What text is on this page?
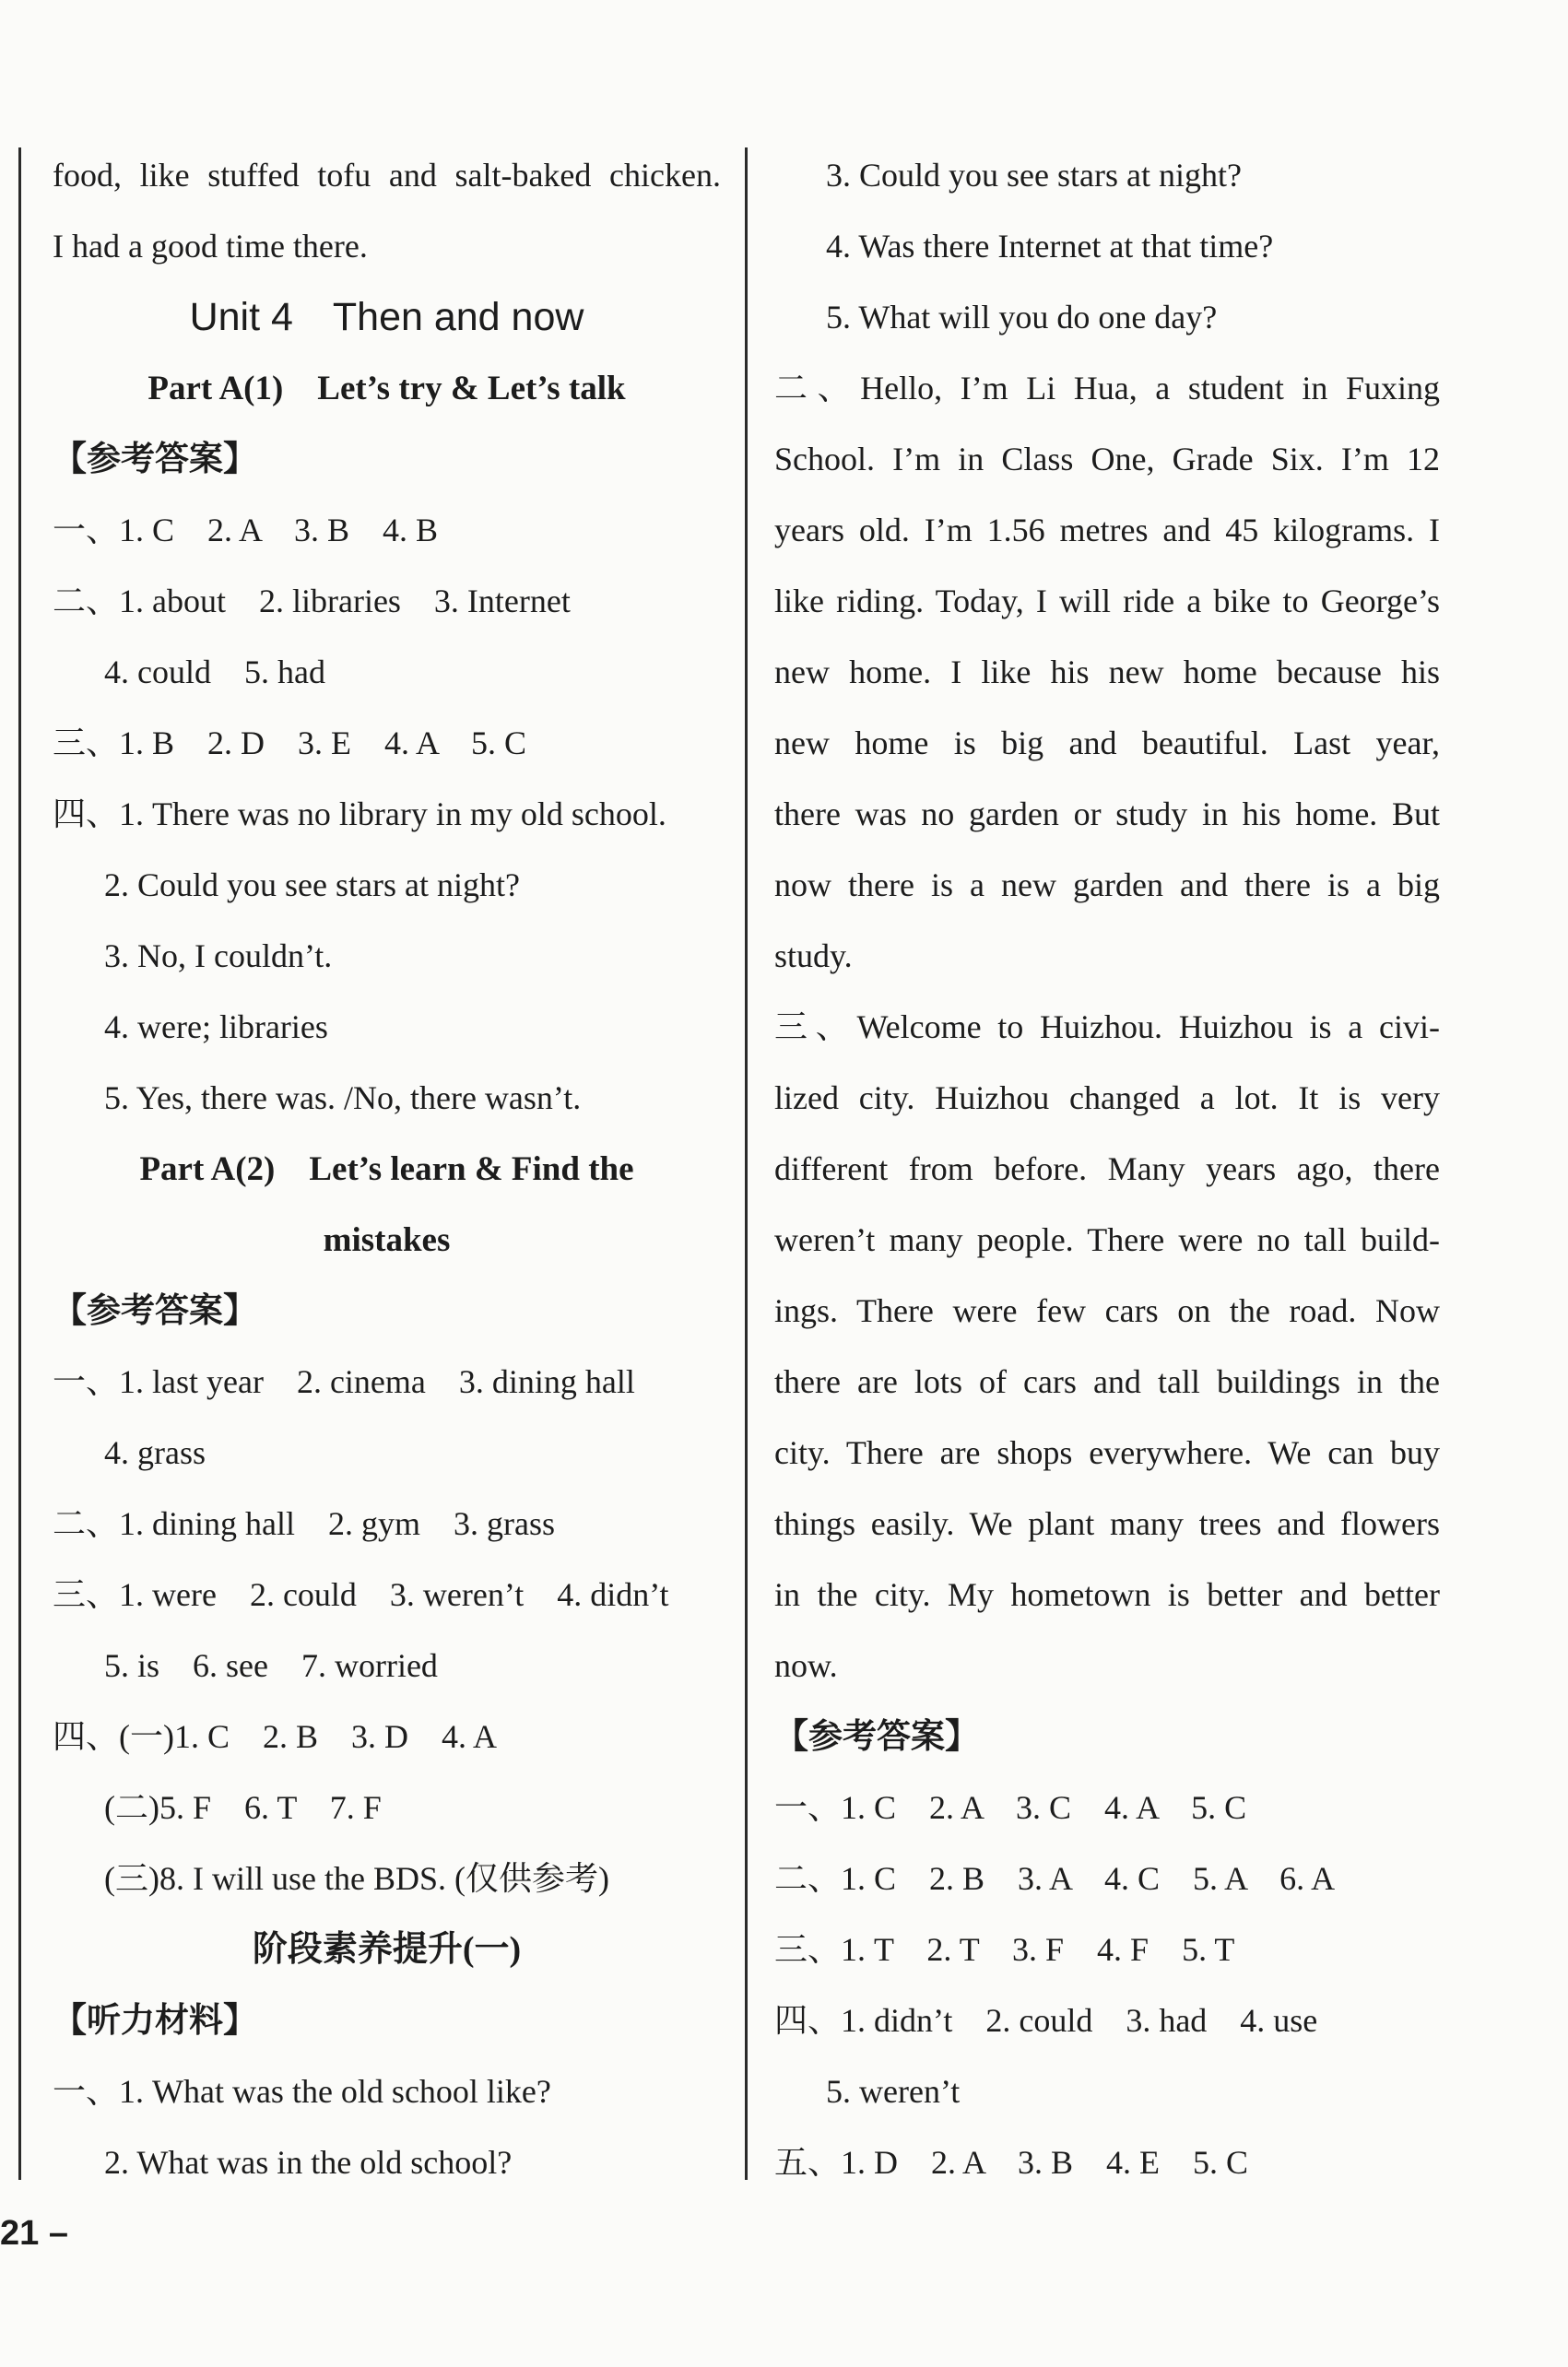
food, like stuffed tofu and salt-baked chicken.
I had a good time there.
Unit 4　Then and now
Part A(1)　Let’s try & Let’s talk
【参考答案】
一、1. C　2. A　3. B　4. B
二、1. about　2. libraries　3. Internet
4. could　5. had
三、1. B　2. D　3. E　4. A　5. C
四、1. There was no library in my old school.
2. Could you see stars at night?
3. No, I couldn’t.
4. were; libraries
5. Yes, there was. /No, there wasn’t.
Part A(2)　Let’s learn & Find the
mistakes
【参考答案】
一、1. last year　2. cinema　3. dining hall
4. grass
二、1. dining hall　2. gym　3. grass
三、1. were　2. could　3. weren’t　4. didn’t
5. is　6. see　7. worried
四、(一)1. C　2. B　3. D　4. A
(二)5. F　6. T　7. F
(三)8. I will use the BDS. (仅供参考)
阶段素养提升(一)
【听力材料】
一、1. What was the old school like?
2. What was in the old school?
3. Could you see stars at night?
4. Was there Internet at that time?
5. What will you do one day?
二、Hello, I’m Li Hua, a student in Fuxing
School. I’m in Class One, Grade Six. I’m 12
years old. I’m 1.56 metres and 45 kilograms. I
like riding. Today, I will ride a bike to George’s
new home. I like his new home because his
new home is big and beautiful. Last year,
there was no garden or study in his home. But
now there is a new garden and there is a big
study.
三、Welcome to Huizhou. Huizhou is a civi-
lized city. Huizhou changed a lot. It is very
different from before. Many years ago, there
weren’t many people. There were no tall build-
ings. There were few cars on the road. Now
there are lots of cars and tall buildings in the
city. There are shops everywhere. We can buy
things easily. We plant many trees and flowers
in the city. My hometown is better and better
now.
【参考答案】
一、1. C　2. A　3. C　4. A　5. C
二、1. C　2. B　3. A　4. C　5. A　6. A
三、1. T　2. T　3. F　4. F　5. T
四、1. didn’t　2. could　3. had　4. use
5. weren’t
五、1. D　2. A　3. B　4. E　5. C
21 –
